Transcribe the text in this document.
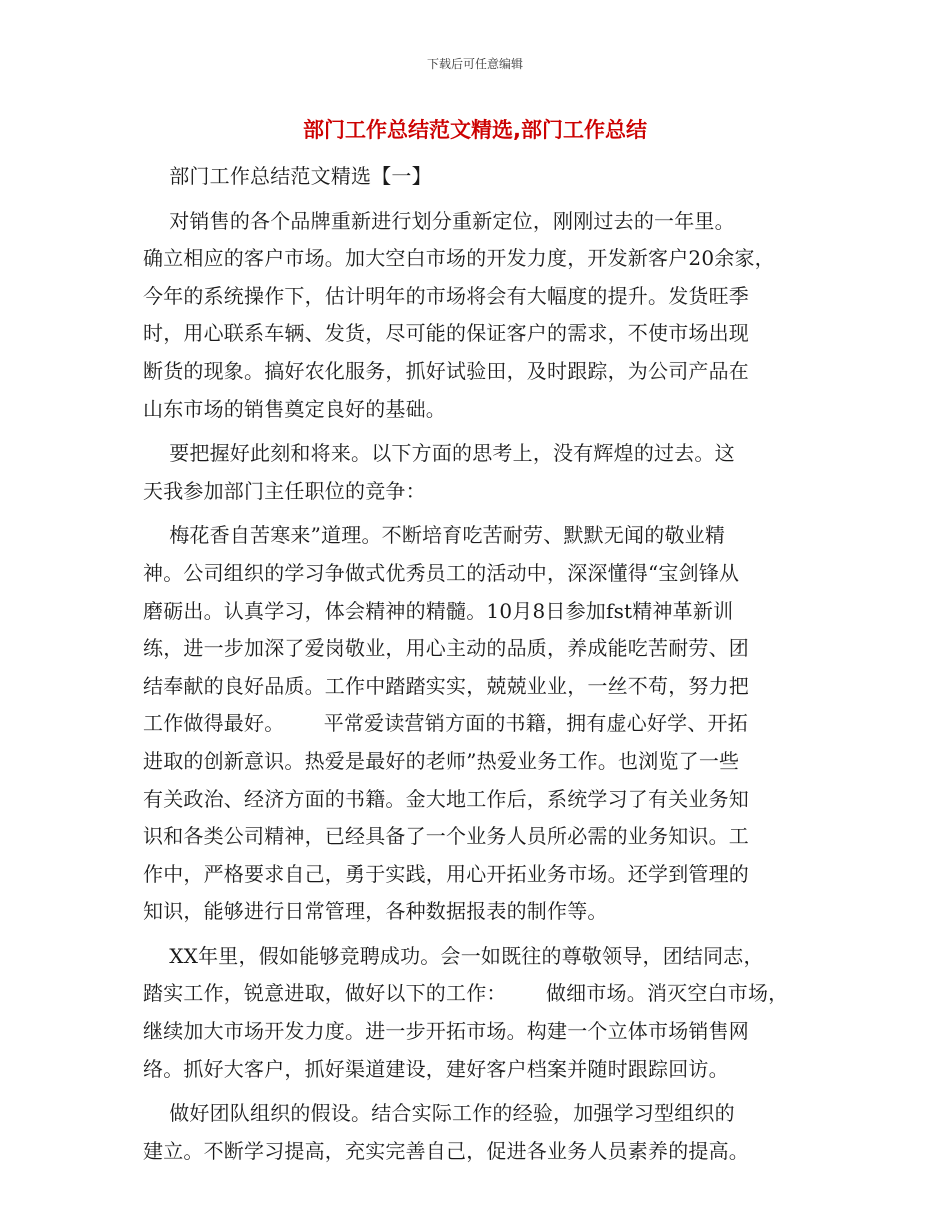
下载后可任意编辑
部门工作总结范文精选,部门工作总结
部门工作总结范文精选【一】
对销售的各个品牌重新进行划分重新定位，刚刚过去的一年里。
确立相应的客户市场。加大空白市场的开发力度，开发新客户20余家，
今年的系统操作下，估计明年的市场将会有大幅度的提升。发货旺季
时，用心联系车辆、发货，尽可能的保证客户的需求，不使市场出现
断货的现象。搞好农化服务，抓好试验田，及时跟踪，为公司产品在
山东市场的销售奠定良好的基础。
要把握好此刻和将来。以下方面的思考上，没有辉煌的过去。这
天我参加部门主任职位的竞争：
梅花香自苦寒来”道理。不断培育吃苦耐劳、默默无闻的敬业精
神。公司组织的学习争做式优秀员工的活动中，深深懂得“宝剑锋从
磨砺出。认真学习，体会精神的精髓。10月8日参加fst精神革新训
练，进一步加深了爱岗敬业，用心主动的品质，养成能吃苦耐劳、团
结奉献的良好品质。工作中踏踏实实，兢兢业业，一丝不苟，努力把
工作做得最好。      平常爱读营销方面的书籍，拥有虚心好学、开拓
进取的创新意识。热爱是最好的老师”热爱业务工作。也浏览了一些
有关政治、经济方面的书籍。金大地工作后，系统学习了有关业务知
识和各类公司精神，已经具备了一个业务人员所必需的业务知识。工
作中，严格要求自己，勇于实践，用心开拓业务市场。还学到管理的
知识，能够进行日常管理，各种数据报表的制作等。
XX年里，假如能够竞聘成功。会一如既往的尊敬领导，团结同志，
踏实工作，锐意进取，做好以下的工作：      做细市场。消灭空白市场，
继续加大市场开发力度。进一步开拓市场。构建一个立体市场销售网
络。抓好大客户，抓好渠道建设，建好客户档案并随时跟踪回访。
做好团队组织的假设。结合实际工作的经验，加强学习型组织的
建立。不断学习提高，充实完善自己，促进各业务人员素养的提高。
